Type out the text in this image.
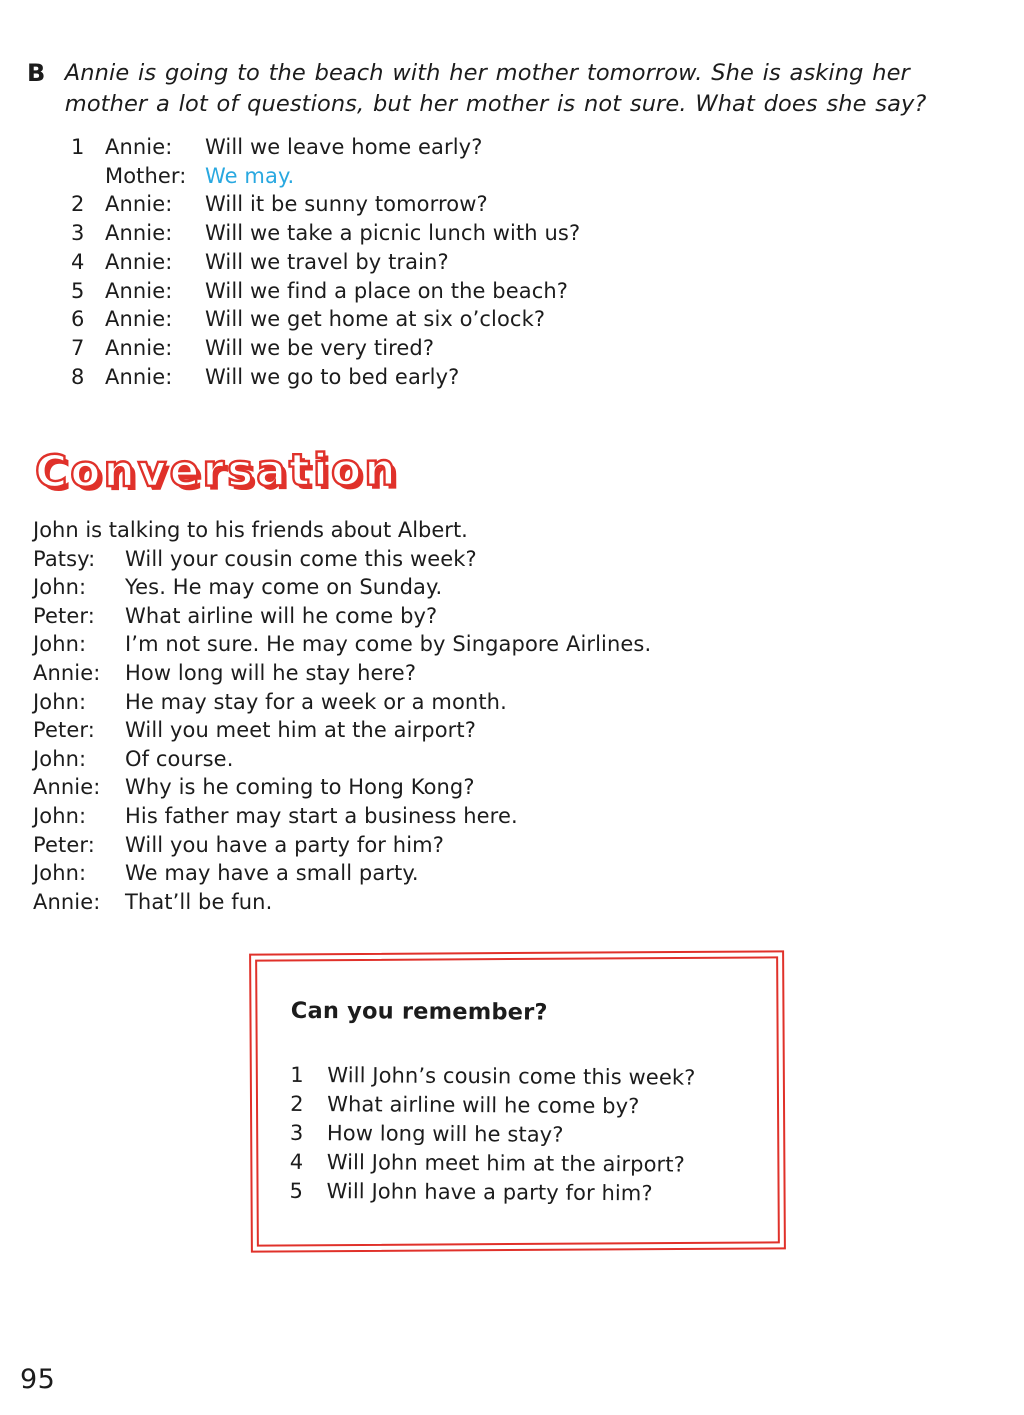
B Annie is going to the beach with her mother tomorrow. She is asking her mother a lot of questions, but her mother is not sure. What does she say?

1 Annie:	Will we leave home early?
Mother: We may.
2 Annie:	Will it be sunny tomorrow?
3 Annie:	Will we take a picnic lunch with us?
4 Annie:	Will we travel by train?
5 Annie:	Will we find a place on the beach?
6 Annie:	Will we get home at six o’clock?
7 Annie:	Will we be very tired?
8 Annie:	Will we go to bed early?
Conversation

John is talking to his friends about Albert.

Patsy:	Will your cousin come this week?
John:	Yes. He may come on Sunday.
Peter:	What airline will he come by?
John:	I’m not sure. He may come by Singapore Airlines.
Annie:	How long will he stay here?
John:	He may stay for a week or a month.
Peter:	Will you meet him at the airport?
John:	Of course.
Annie:	Why is he coming to Hong Kong?
John:	His father may start a business here.
Peter:	Will you have a party for him?
John:	We may have a small party.
Annie:	That’ll be fun.
Can you remember?
1	Will John’s cousin come this week?
2	What airline will he come by?
3	How long will he stay?
4	Will John meet him at the airport?
5	Will John have a party for him?
95
